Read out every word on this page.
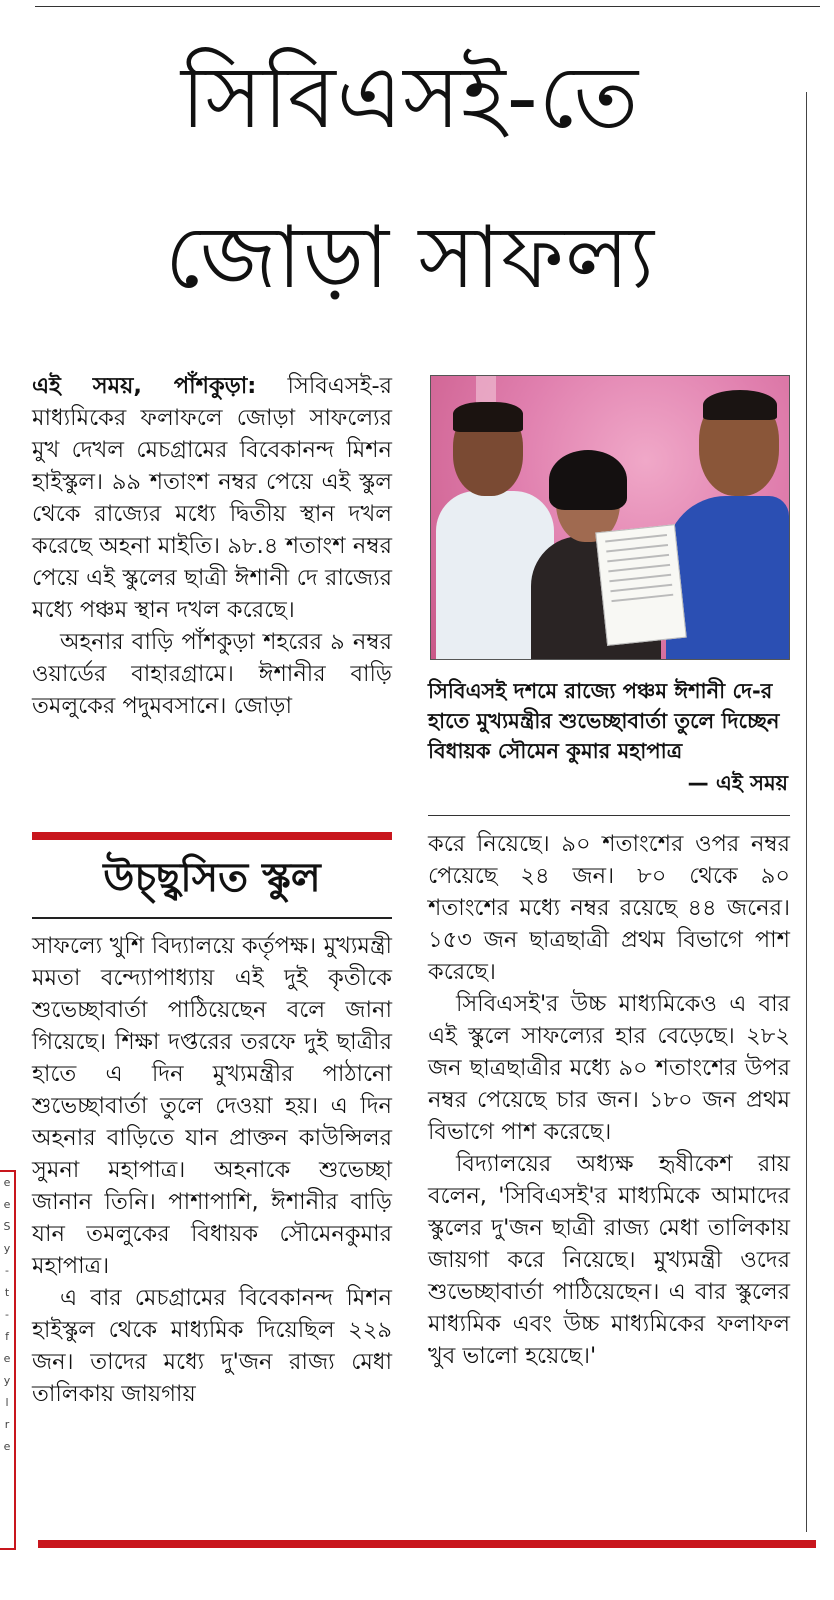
সিবিএসই-তে
জোড়া সাফল্য

এই সময়, পাঁশকুড়া: সিবিএসই-র মাধ্যমিকের ফলাফলে জোড়া সাফল্যের মুখ দেখল মেচগ্রামের বিবেকানন্দ মিশন হাইস্কুল। ৯৯ শতাংশ নম্বর পেয়ে এই স্কুল থেকে রাজ্যের মধ্যে দ্বিতীয় স্থান দখল করেছে অহনা মাইতি। ৯৮.৪ শতাংশ নম্বর পেয়ে এই স্কুলের ছাত্রী ঈশানী দে রাজ্যের মধ্যে পঞ্চম স্থান দখল করেছে।

অহনার বাড়ি পাঁশকুড়া শহরের ৯ নম্বর ওয়ার্ডের বাহারগ্রামে। ঈশানীর বাড়ি তমলুকের পদুমবসানে। জোড়া

উচ্ছ্বসিত স্কুল

সাফল্যে খুশি বিদ্যালয়ে কর্তৃপক্ষ। মুখ্যমন্ত্রী মমতা বন্দ্যোপাধ্যায় এই দুই কৃতীকে শুভেচ্ছাবার্তা পাঠিয়েছেন বলে জানা গিয়েছে। শিক্ষা দপ্তরের তরফে দুই ছাত্রীর হাতে এ দিন মুখ্যমন্ত্রীর পাঠানো শুভেচ্ছাবার্তা তুলে দেওয়া হয়। এ দিন অহনার বাড়িতে যান প্রাক্তন কাউন্সিলর সুমনা মহাপাত্র। অহনাকে শুভেচ্ছা জানান তিনি। পাশাপাশি, ঈশানীর বাড়ি যান তমলুকের বিধায়ক সৌমেনকুমার মহাপাত্র।

এ বার মেচগ্রামের বিবেকানন্দ মিশন হাইস্কুল থেকে মাধ্যমিক দিয়েছিল ২২৯ জন। তাদের মধ্যে দু'জন রাজ্য মেধা তালিকায় জায়গায়

সিবিএসই দশমে রাজ্যে পঞ্চম ঈশানী দে-র হাতে মুখ্যমন্ত্রীর শুভেচ্ছাবার্তা তুলে দিচ্ছেন বিধায়ক সৌমেন কুমার মহাপাত্র
— এই সময়

করে নিয়েছে। ৯০ শতাংশের ওপর নম্বর পেয়েছে ২৪ জন। ৮০ থেকে ৯০ শতাংশের মধ্যে নম্বর রয়েছে ৪৪ জনের। ১৫৩ জন ছাত্রছাত্রী প্রথম বিভাগে পাশ করেছে।

সিবিএসই'র উচ্চ মাধ্যমিকেও এ বার এই স্কুলে সাফল্যের হার বেড়েছে। ২৮২ জন ছাত্রছাত্রীর মধ্যে ৯০ শতাংশের উপর নম্বর পেয়েছে চার জন। ১৮০ জন প্রথম বিভাগে পাশ করেছে।

বিদ্যালয়ের অধ্যক্ষ হৃষীকেশ রায় বলেন, 'সিবিএসই'র মাধ্যমিকে আমাদের স্কুলের দু'জন ছাত্রী রাজ্য মেধা তালিকায় জায়গা করে নিয়েছে। মুখ্যমন্ত্রী ওদের শুভেচ্ছাবার্তা পাঠিয়েছেন। এ বার স্কুলের মাধ্যমিক এবং উচ্চ মাধ্যমিকের ফলাফল খুব ভালো হয়েছে।'

e
e
S
y
-
t
-
f
e
y
l
r
e
